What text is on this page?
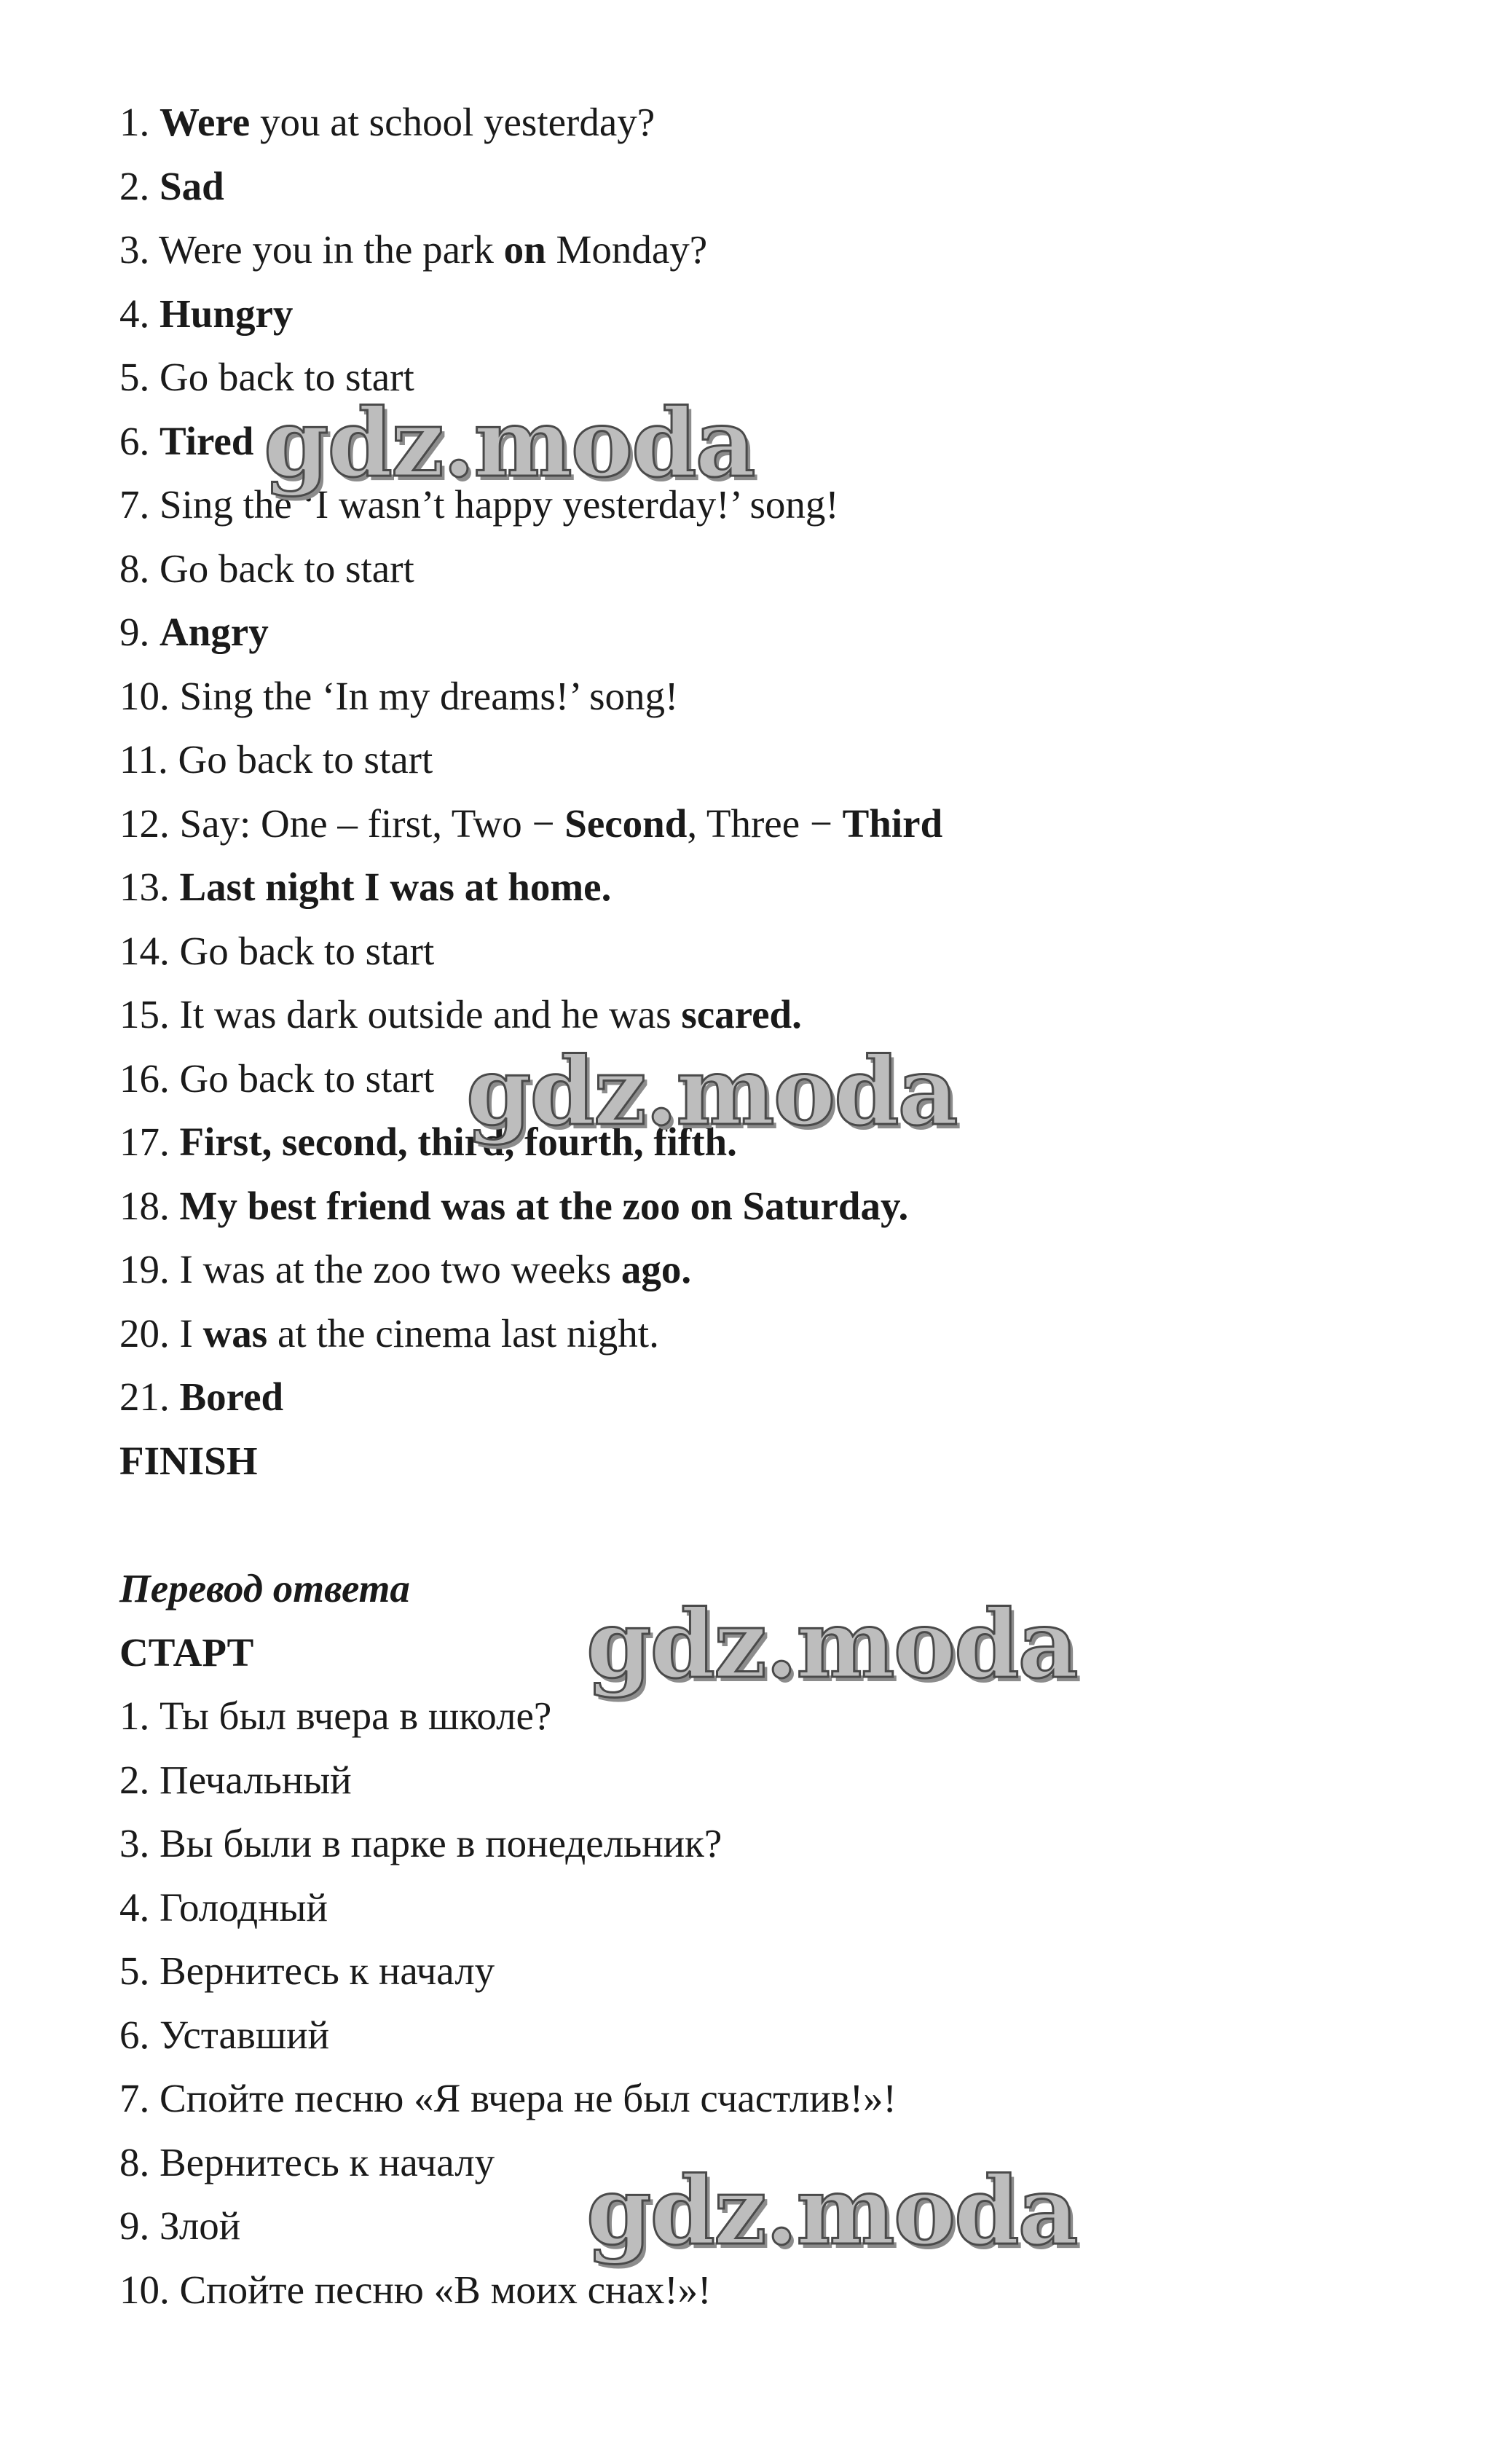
1. Were you at school yesterday?
2. Sad
3. Were you in the park on Monday?
4. Hungry
5. Go back to start
6. Tired
7. Sing the ‘I wasn’t happy yesterday!’ song!
8. Go back to start
9. Angry
10. Sing the ‘In my dreams!’ song!
11. Go back to start
12. Say: One – first, Two − Second, Three − Third
13. Last night I was at home.
14. Go back to start
15. It was dark outside and he was scared.
16. Go back to start
17. First, second, third, fourth, fifth.
18. My best friend was at the zoo on Saturday.
19. I was at the zoo two weeks ago.
20. I was at the cinema last night.
21. Bored
FINISH
Перевод ответа
СТАРТ
1. Ты был вчера в школе?
2. Печальный
3. Вы были в парке в понедельник?
4. Голодный
5. Вернитесь к началу
6. Уставший
7. Спойте песню «Я вчера не был счастлив!»!
8. Вернитесь к началу
9. Злой
10. Спойте песню «В моих снах!»!
gdz.moda
gdz.moda
gdz.moda
gdz.moda
